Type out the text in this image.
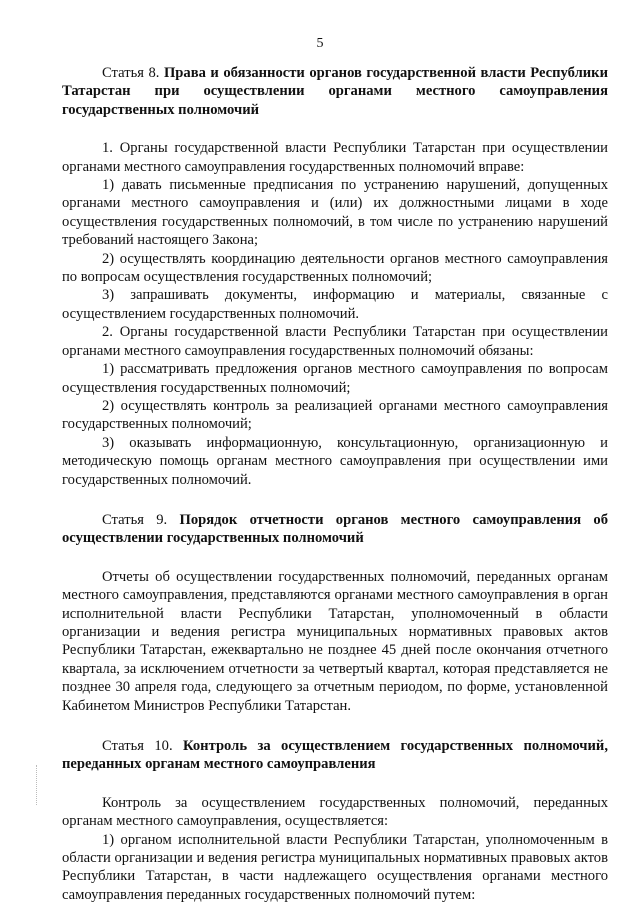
5
Статья 8. Права и обязанности органов государственной власти Республики Татарстан при осуществлении органами местного самоуправления государственных полномочий

1. Органы государственной власти Республики Татарстан при осуществлении органами местного самоуправления государственных полномочий вправе:

1) давать письменные предписания по устранению нарушений, допущенных органами местного самоуправления и (или) их должностными лицами в ходе осуществления государственных полномочий, в том числе по устранению нарушений требований настоящего Закона;

2) осуществлять координацию деятельности органов местного самоуправления по вопросам осуществления государственных полномочий;

3) запрашивать документы, информацию и материалы, связанные с осуществлением государственных полномочий.

2. Органы государственной власти Республики Татарстан при осуществлении органами местного самоуправления государственных полномочий обязаны:

1) рассматривать предложения органов местного самоуправления по вопросам осуществления государственных полномочий;

2) осуществлять контроль за реализацией органами местного самоуправления государственных полномочий;

3) оказывать информационную, консультационную, организационную и методическую помощь органам местного самоуправления при осуществлении ими государственных полномочий.

Статья 9. Порядок отчетности органов местного самоуправления об осуществлении государственных полномочий

Отчеты об осуществлении государственных полномочий, переданных органам местного самоуправления, представляются органами местного самоуправления в орган исполнительной власти Республики Татарстан, уполномоченный в области организации и ведения регистра муниципальных нормативных правовых актов Республики Татарстан, ежеквартально не позднее 45 дней после окончания отчетного квартала, за исключением отчетности за четвертый квартал, которая представляется не позднее 30 апреля года, следующего за отчетным периодом, по форме, установленной Кабинетом Министров Республики Татарстан.

Статья 10. Контроль за осуществлением государственных полномочий, переданных органам местного самоуправления

Контроль за осуществлением государственных полномочий, переданных органам местного самоуправления, осуществляется:

1) органом исполнительной власти Республики Татарстан, уполномоченным в области организации и ведения регистра муниципальных нормативных правовых актов Республики Татарстан, в части надлежащего осуществления органами местного самоуправления переданных государственных полномочий путем:
